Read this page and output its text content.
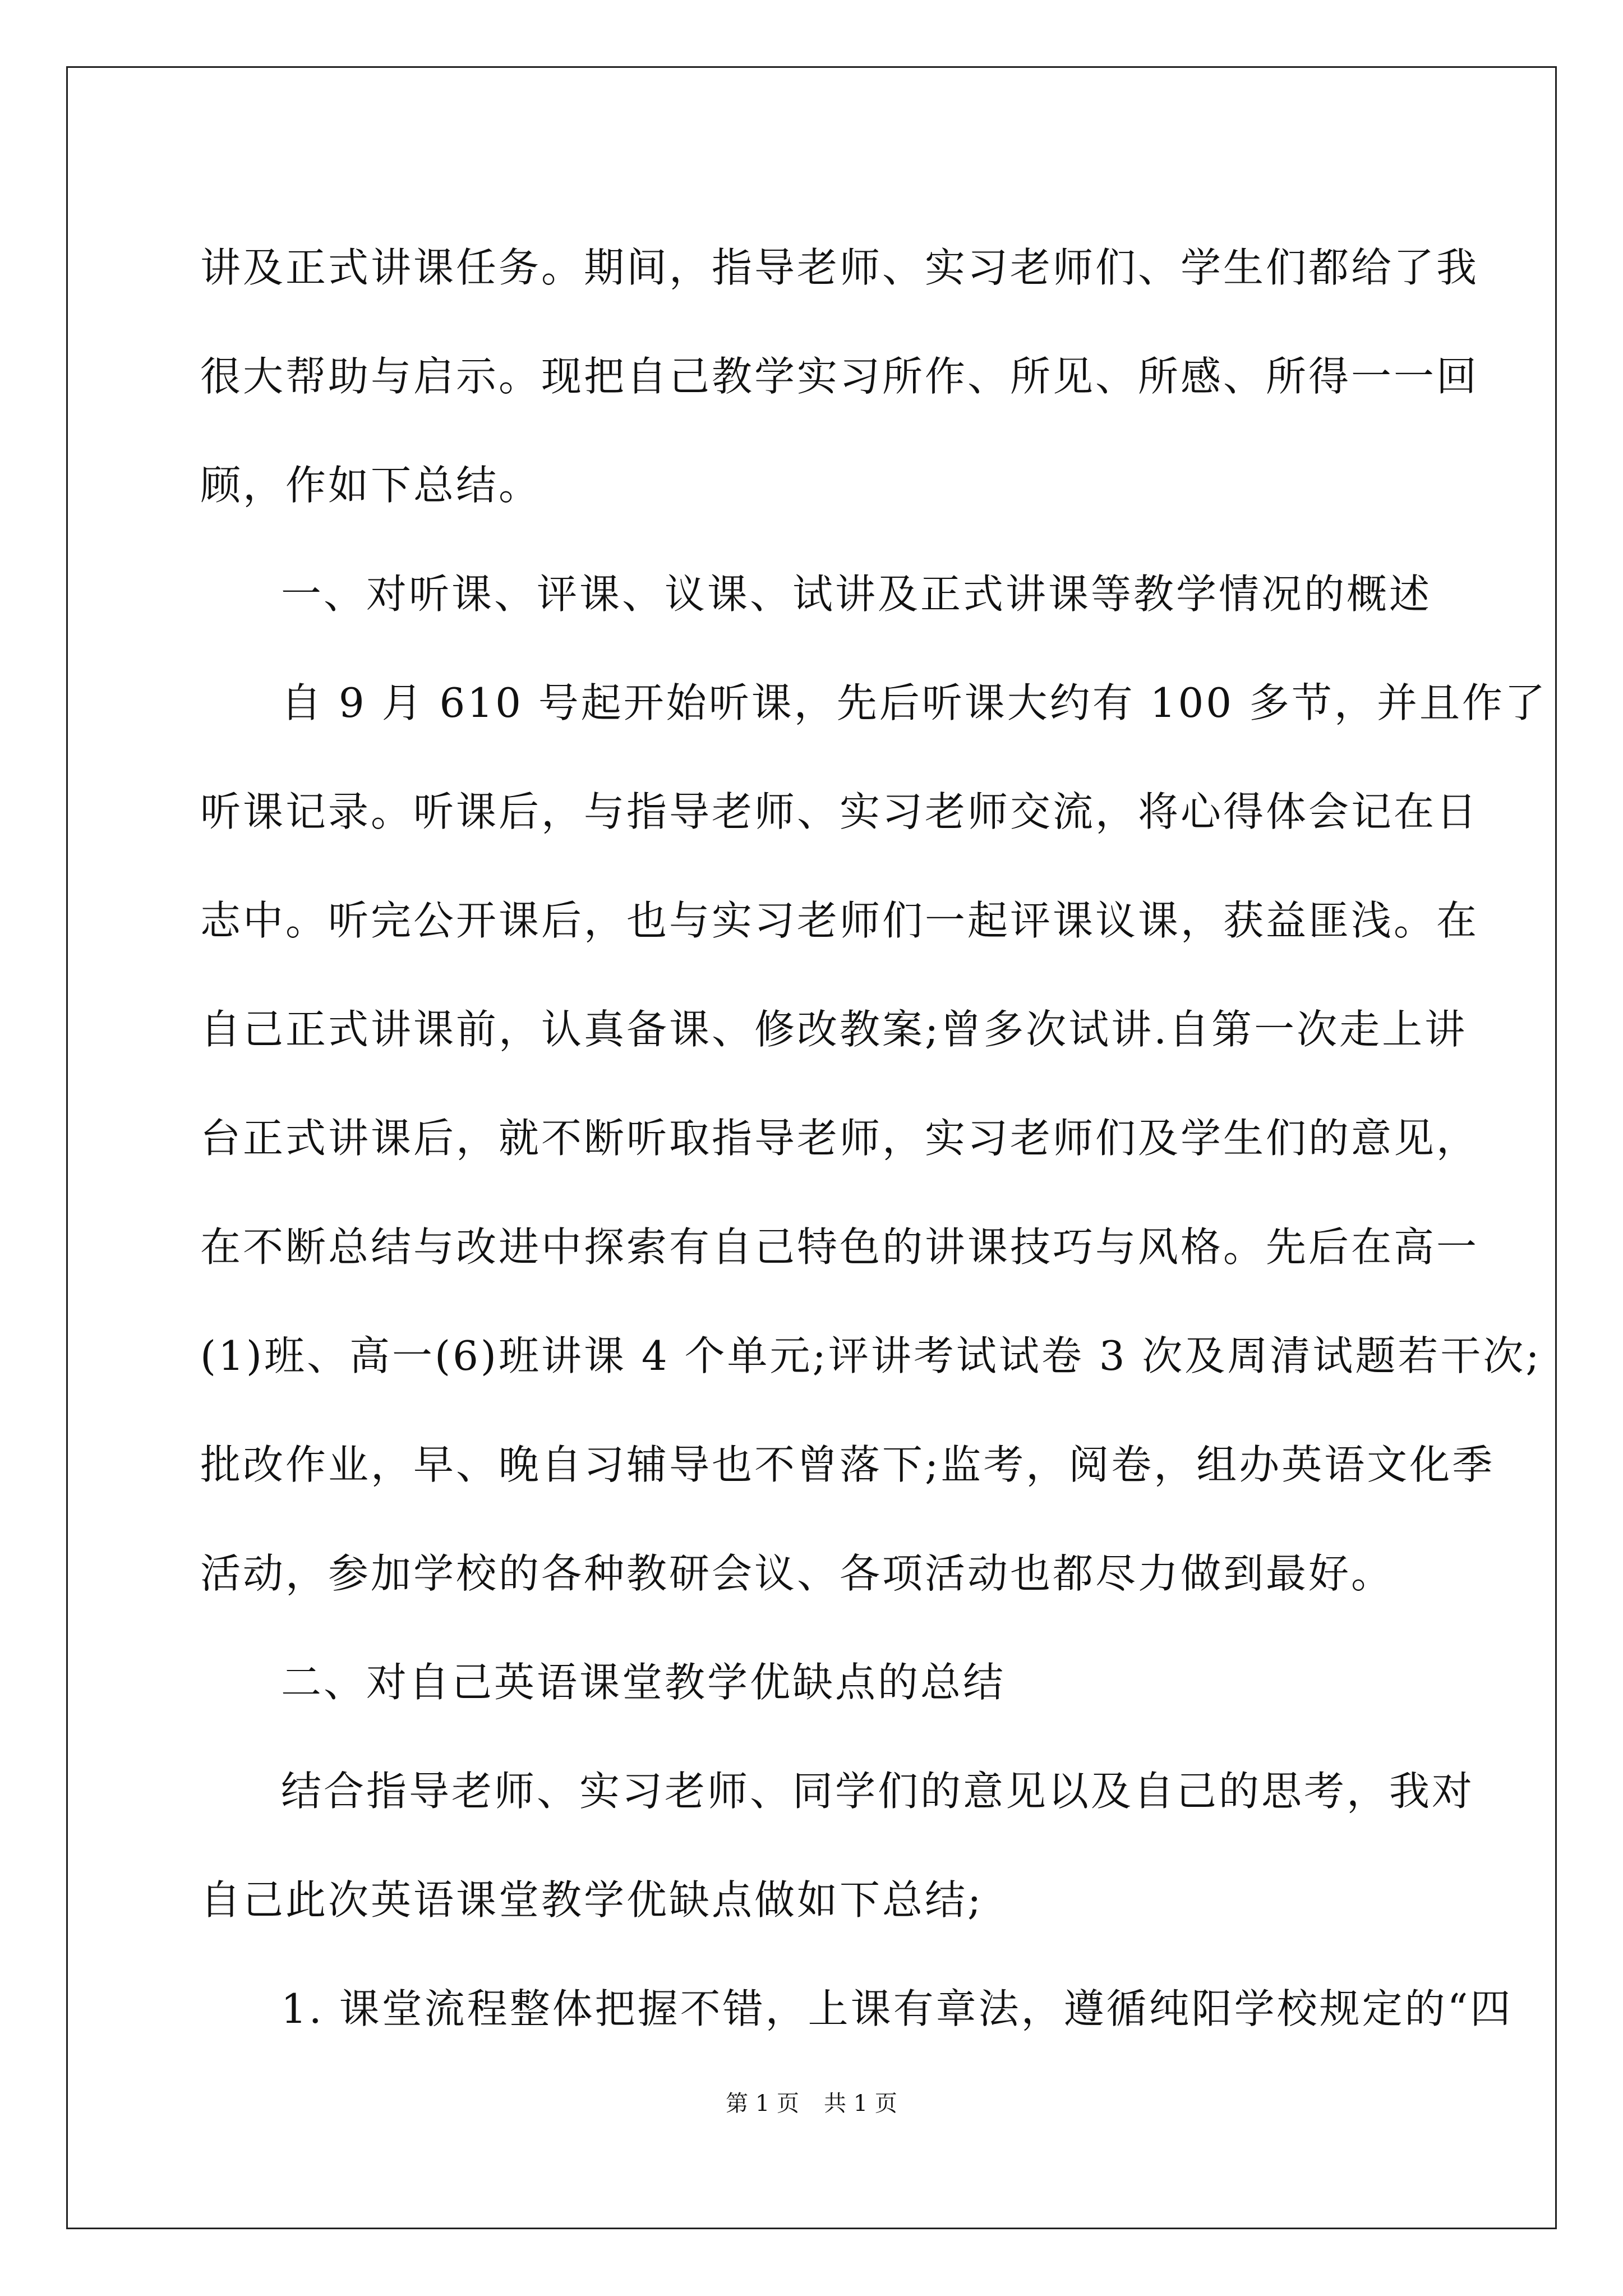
讲及正式讲课任务。期间，指导老师、实习老师们、学生们都给了我
很大帮助与启示。现把自己教学实习所作、所见、所感、所得一一回
顾，作如下总结。
一、对听课、评课、议课、试讲及正式讲课等教学情况的概述
自 9 月 610 号起开始听课，先后听课大约有 100 多节，并且作了
听课记录。听课后，与指导老师、实习老师交流，将心得体会记在日
志中。听完公开课后，也与实习老师们一起评课议课，获益匪浅。在
自己正式讲课前，认真备课、修改教案;曾多次试讲.自第一次走上讲
台正式讲课后，就不断听取指导老师，实习老师们及学生们的意见，
在不断总结与改进中探索有自己特色的讲课技巧与风格。先后在高一
(1)班、高一(6)班讲课 4 个单元;评讲考试试卷 3 次及周清试题若干次;
批改作业，早、晚自习辅导也不曾落下;监考，阅卷，组办英语文化季
活动，参加学校的各种教研会议、各项活动也都尽力做到最好。
二、对自己英语课堂教学优缺点的总结
结合指导老师、实习老师、同学们的意见以及自己的思考，我对
自己此次英语课堂教学优缺点做如下总结;
1. 课堂流程整体把握不错，上课有章法，遵循纯阳学校规定的“四
第 1 页 共 1 页
